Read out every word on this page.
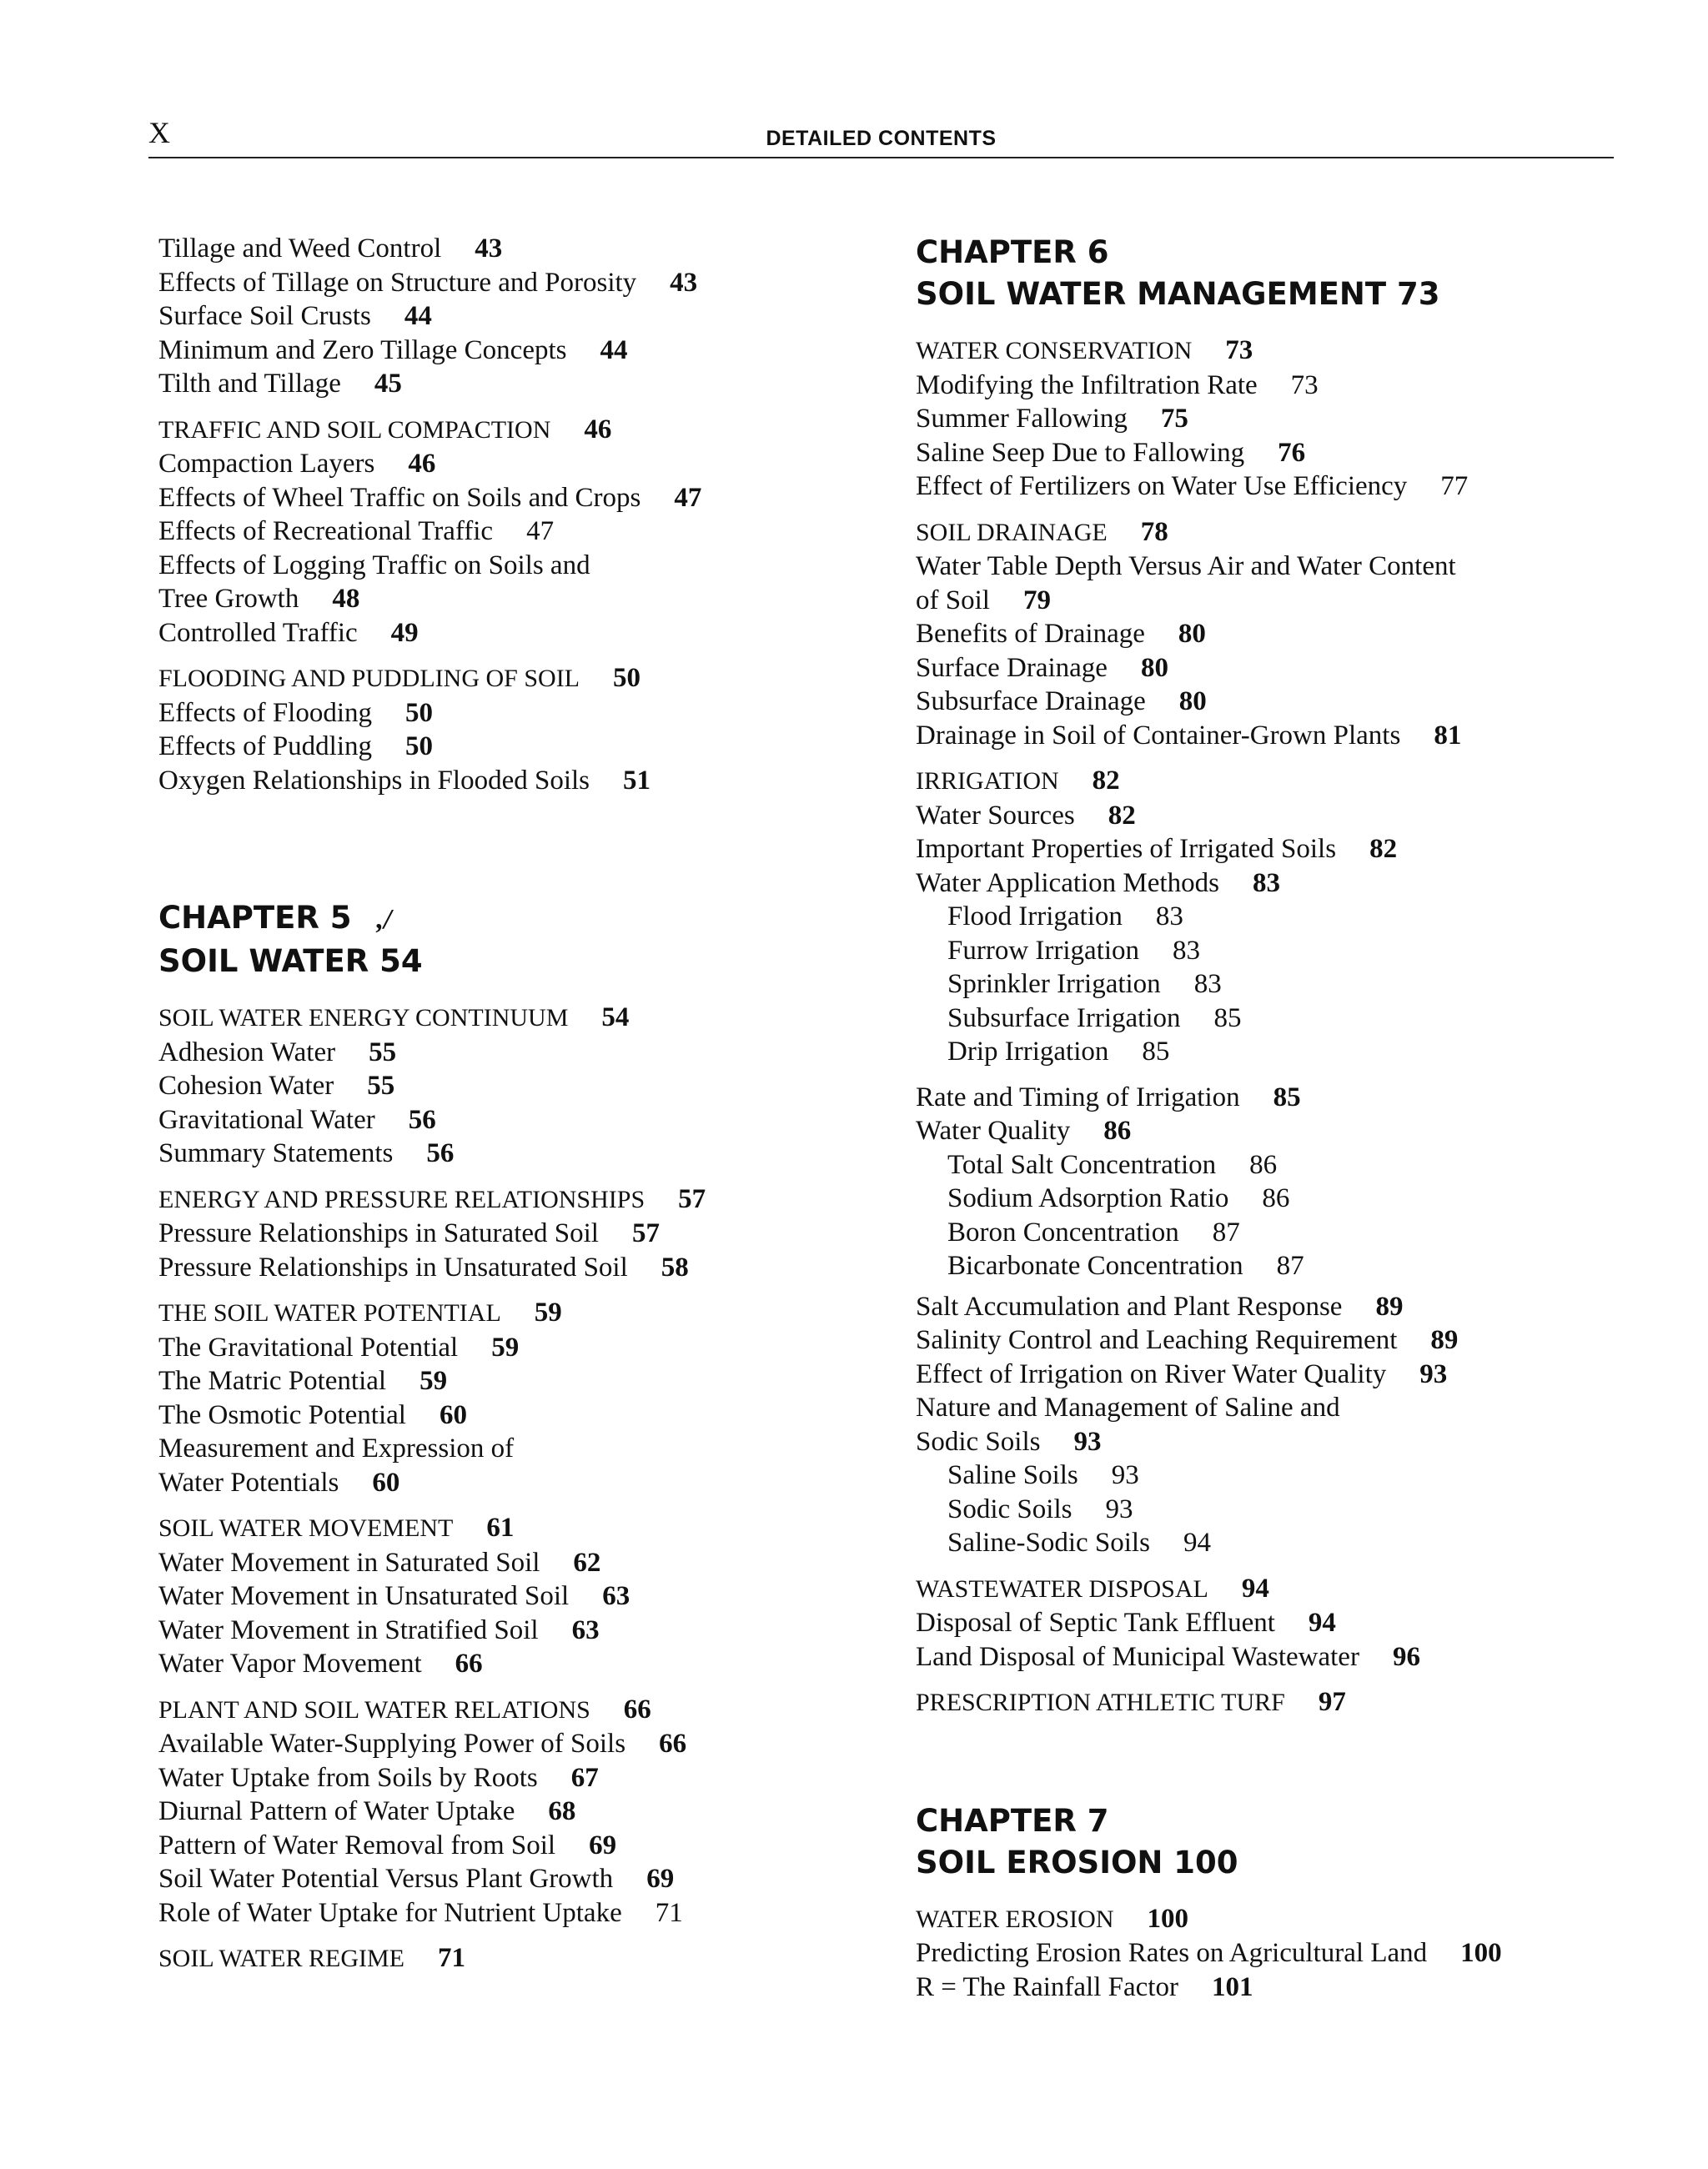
X	DETAILED CONTENTS
Tillage and Weed Control 43
Effects of Tillage on Structure and Porosity 43
Surface Soil Crusts 44
Minimum and Zero Tillage Concepts 44
Tilth and Tillage 45
TRAFFIC AND SOIL COMPACTION 46
Compaction Layers 46
Effects of Wheel Traffic on Soils and Crops 47
Effects of Recreational Traffic 47
Effects of Logging Traffic on Soils and
Tree Growth 48
Controlled Traffic 49
FLOODING AND PUDDLING OF SOIL 50
Effects of Flooding 50
Effects of Puddling 50
Oxygen Relationships in Flooded Soils 51
CHAPTER 5 ,/
SOIL WATER 54
SOIL WATER ENERGY CONTINUUM 54
Adhesion Water 55
Cohesion Water 55
Gravitational Water 56
Summary Statements 56
ENERGY AND PRESSURE RELATIONSHIPS 57
Pressure Relationships in Saturated Soil 57
Pressure Relationships in Unsaturated Soil 58
THE SOIL WATER POTENTIAL 59
The Gravitational Potential 59
The Matric Potential 59
The Osmotic Potential 60
Measurement and Expression of
Water Potentials 60
SOIL WATER MOVEMENT 61
Water Movement in Saturated Soil 62
Water Movement in Unsaturated Soil 63
Water Movement in Stratified Soil 63
Water Vapor Movement 66
PLANT AND SOIL WATER RELATIONS 66
Available Water-Supplying Power of Soils 66
Water Uptake from Soils by Roots 67
Diurnal Pattern of Water Uptake 68
Pattern of Water Removal from Soil 69
Soil Water Potential Versus Plant Growth 69
Role of Water Uptake for Nutrient Uptake 71
SOIL WATER REGIME 71
CHAPTER 6
SOIL WATER MANAGEMENT 73
WATER CONSERVATION 73
Modifying the Infiltration Rate 73
Summer Fallowing 75
Saline Seep Due to Fallowing 76
Effect of Fertilizers on Water Use Efficiency 77
SOIL DRAINAGE 78
Water Table Depth Versus Air and Water Content
of Soil 79
Benefits of Drainage 80
Surface Drainage 80
Subsurface Drainage 80
Drainage in Soil of Container-Grown Plants 81
IRRIGATION 82
Water Sources 82
Important Properties of Irrigated Soils 82
Water Application Methods 83
Flood Irrigation 83
Furrow Irrigation 83
Sprinkler Irrigation 83
Subsurface Irrigation 85
Drip Irrigation 85
Rate and Timing of Irrigation 85
Water Quality 86
Total Salt Concentration 86
Sodium Adsorption Ratio 86
Boron Concentration 87
Bicarbonate Concentration 87
Salt Accumulation and Plant Response 89
Salinity Control and Leaching Requirement 89
Effect of Irrigation on River Water Quality 93
Nature and Management of Saline and
Sodic Soils 93
Saline Soils 93
Sodic Soils 93
Saline-Sodic Soils 94
WASTEWATER DISPOSAL 94
Disposal of Septic Tank Effluent 94
Land Disposal of Municipal Wastewater 96
PRESCRIPTION ATHLETIC TURF 97
CHAPTER 7
SOIL EROSION 100
WATER EROSION 100
Predicting Erosion Rates on Agricultural Land 100
R = The Rainfall Factor 101
